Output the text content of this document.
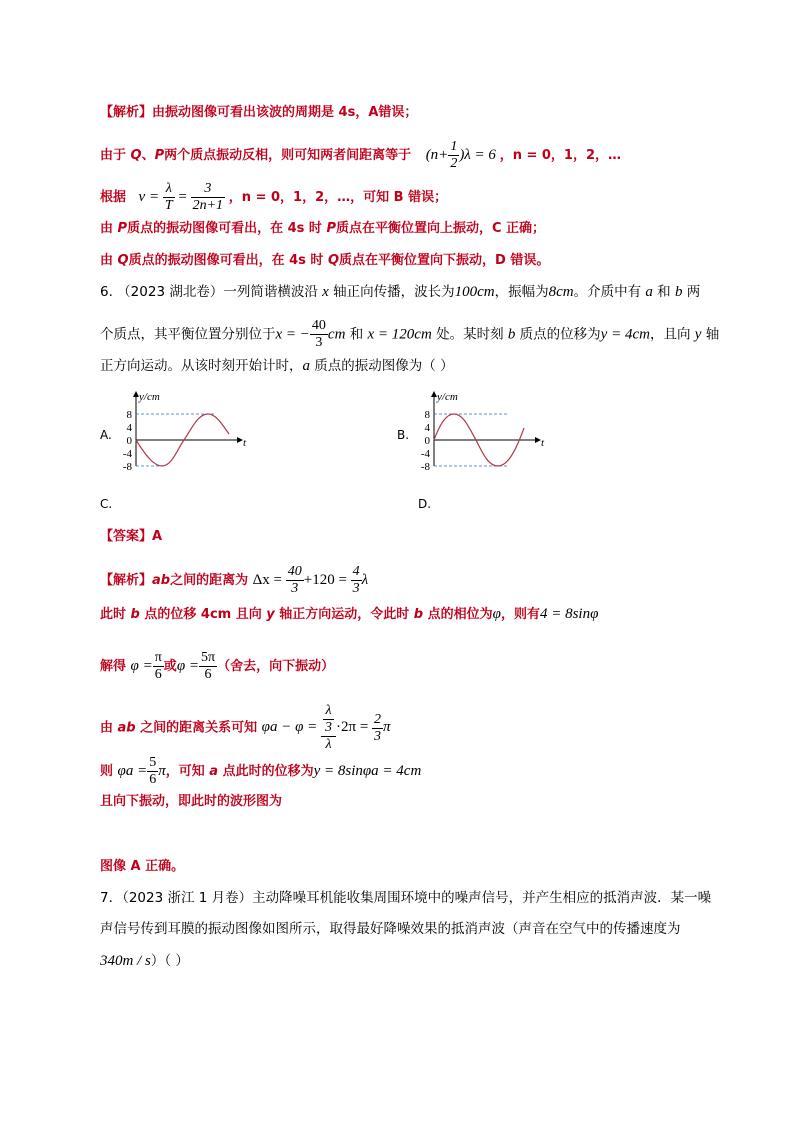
【解析】由振动图像可看出该波的周期是 4s，A错误；
由于 Q、P两个质点振动反相，则可知两者间距离等于 $(n+ \frac{1}{2} )\lambda = 6$ ，n = 0，1，2，…
根据 $v = \frac{\lambda}{T} = \frac{3}{2n+1}$ ，n = 0，1，2，…，可知 B 错误；
由 P质点的振动图像可看出，在 4s 时 P质点在平衡位置向上振动，C 正确；
由 Q质点的振动图像可看出，在 4s 时 Q质点在平衡位置向下振动，D 错误。
6. （2023 湖北卷）一列简谐横波沿 x 轴正向传播，波长为100cm，振幅为8cm。介质中有 a 和 b 两
个质点，其平衡位置分别位于x = − $\frac{40}{3}$ cm 和 x = 120cm 处。某时刻 b 质点的位移为y = 4cm，且向 y 轴
正方向运动。从该时刻开始计时，a 质点的振动图像为（ ）
A.
y/cm
t
8
4
0
-4
-8
B.
y/cm
t
8
4
0
-4
-8
C.	D.
【答案】A
【解析】ab之间的距离为 $\Delta x = \frac{40}{3} +120 = \frac{4}{3}$ λ
此时 b 点的位移 4cm 且向 y 轴正方向运动，令此时 b 点的相位为φ，则有4 = 8sinφ
解得 $\varphi = \frac{\pi}{6}$ 或$\varphi = \frac{5\pi}{6}$ （舍去，向下振动）
由 ab 之间的距离关系可知 $\varphi a - \varphi = \frac{\frac{\lambda}{3}}{\lambda} \cdot 2\pi = \frac{2}{3}$ π
则 $\varphi a = \frac{5}{6}$ π，可知 a 点此时的位移为y = 8sinφa = 4cm
且向下振动，即此时的波形图为
图像 A 正确。
7．（2023 浙江 1 月卷）主动降噪耳机能收集周围环境中的噪声信号，并产生相应的抵消声波．某一噪
声信号传到耳膜的振动图像如图所示，取得最好降噪效果的抵消声波（声音在空气中的传播速度为
340m / s）（ ）
